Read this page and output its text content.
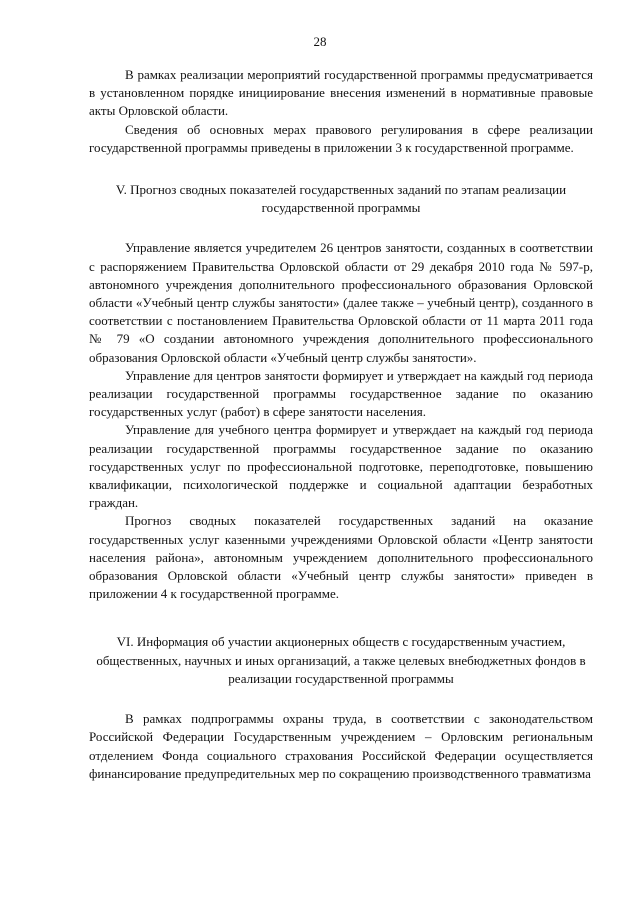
28

В рамках реализации мероприятий государственной программы предусматривается в установленном порядке инициирование внесения изменений в нормативные правовые акты Орловской области.

Сведения об основных мерах правового регулирования в сфере реализации государственной программы приведены в приложении 3 к государственной программе.

V. Прогноз сводных показателей государственных заданий по этапам реализации государственной программы

Управление является учредителем 26 центров занятости, созданных в соответствии с распоряжением Правительства Орловской области от 29 декабря 2010 года № 597-р, автономного учреждения дополнительного профессионального образования Орловской области «Учебный центр службы занятости» (далее также – учебный центр), созданного в соответствии с постановлением Правительства Орловской области от 11 марта 2011 года № 79 «О создании автономного учреждения дополнительного профессионального образования Орловской области «Учебный центр службы занятости».

Управление для центров занятости формирует и утверждает на каждый год периода реализации государственной программы государственное задание по оказанию государственных услуг (работ) в сфере занятости населения.

Управление для учебного центра формирует и утверждает на каждый год периода реализации государственной программы государственное задание по оказанию государственных услуг по профессиональной подготовке, переподготовке, повышению квалификации, психологической поддержке и социальной адаптации безработных граждан.

Прогноз сводных показателей государственных заданий на оказание государственных услуг казенными учреждениями Орловской области «Центр занятости населения района», автономным учреждением дополнительного профессионального образования Орловской области «Учебный центр службы занятости» приведен в приложении 4 к государственной программе.

VI. Информация об участии акционерных обществ с государственным участием, общественных, научных и иных организаций, а также целевых внебюджетных фондов в реализации государственной программы

В рамках подпрограммы охраны труда, в соответствии с законодательством Российской Федерации Государственным учреждением – Орловским региональным отделением Фонда социального страхования Российской Федерации осуществляется финансирование предупредительных мер по сокращению производственного травматизма
